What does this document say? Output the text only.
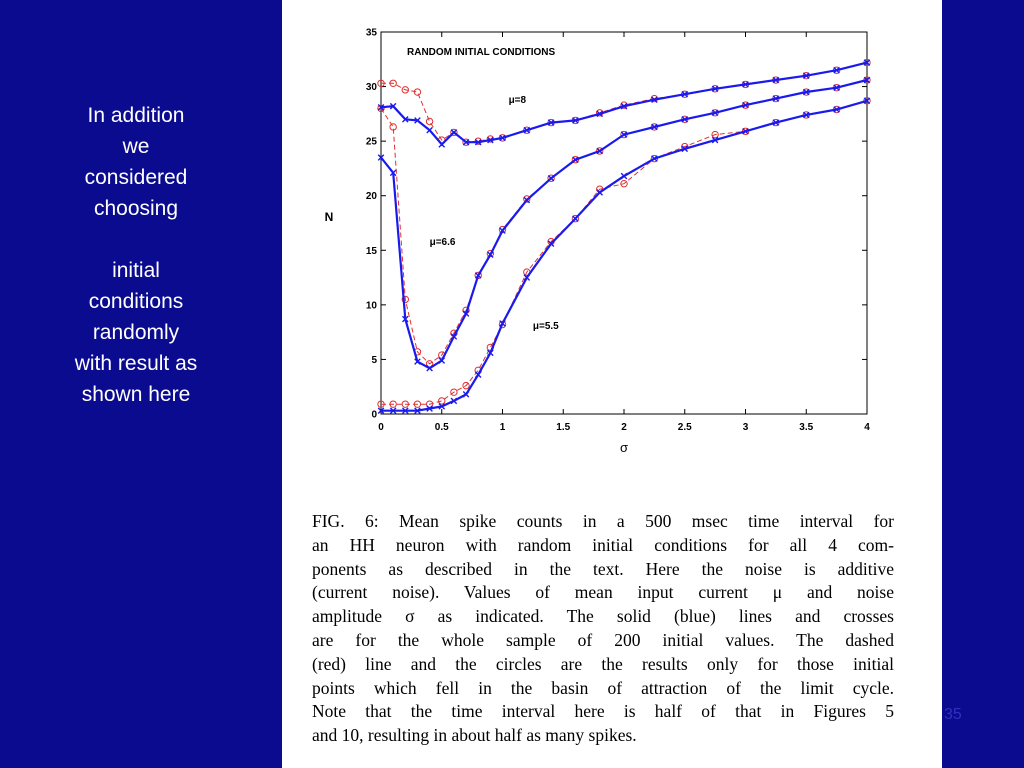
In addition

we

considered

choosing

initial

conditions

randomly

with result as

shown here

0	0.5	1	1.5	2	2.5	3	3.5	4
0
5
10
15
20
25
30
35
σ
N
RANDOM INITIAL CONDITIONS
μ=8
μ=6.6
μ=5.5
FIG. 6: Mean spike counts in a 500 msec time interval for
an HH neuron with random initial conditions for all 4 com-
ponents as described in the text. Here the noise is additive
(current noise). Values of mean input current μ and noise
amplitude σ as indicated. The solid (blue) lines and crosses
are for the whole sample of 200 initial values. The dashed
(red) line and the circles are the results only for those initial
points which fell in the basin of attraction of the limit cycle.
Note that the time interval here is half of that in Figures 5
and 10, resulting in about half as many spikes.
35
